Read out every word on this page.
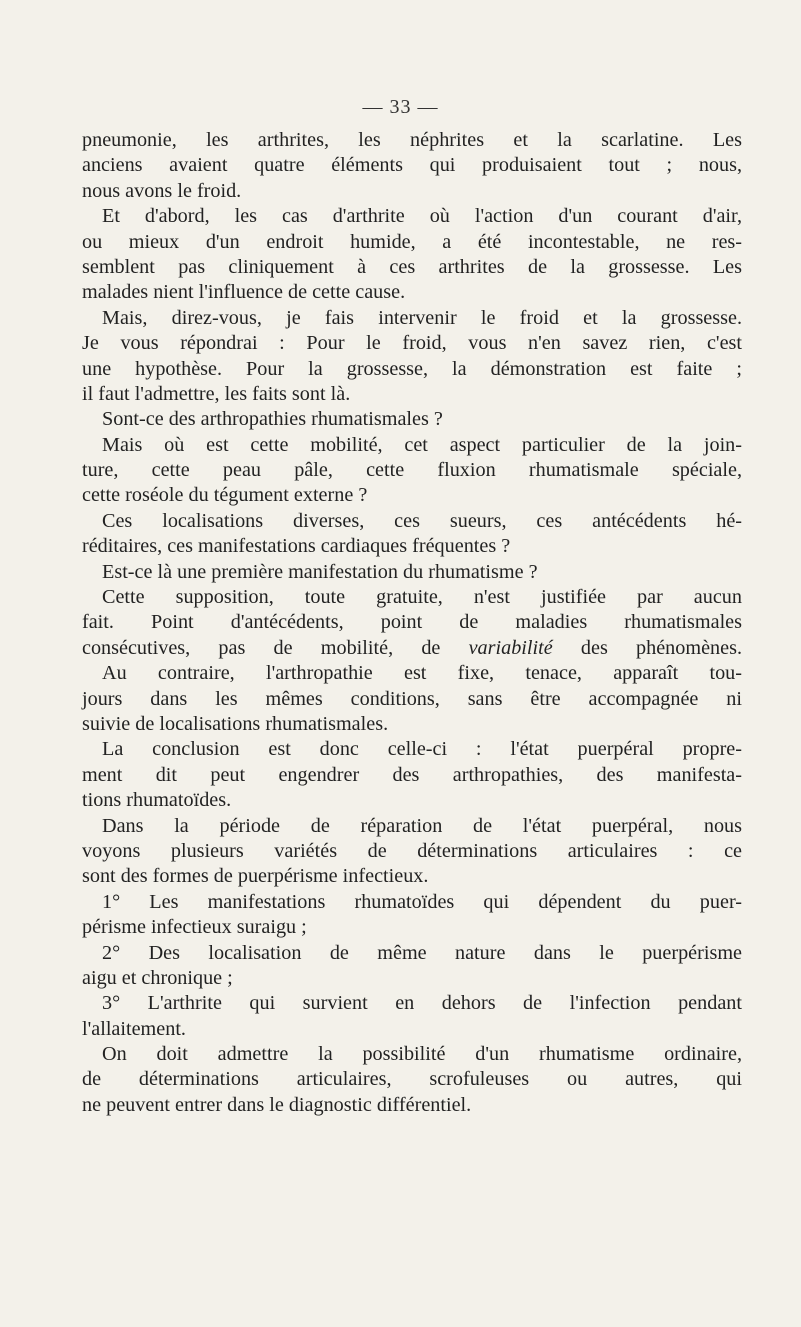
— 33 —
pneumonie, les arthrites, les néphrites et la scarlatine. Les
anciens avaient quatre éléments qui produisaient tout ; nous,
nous avons le froid.
Et d'abord, les cas d'arthrite où l'action d'un courant d'air,
ou mieux d'un endroit humide, a été incontestable, ne res-
semblent pas cliniquement à ces arthrites de la grossesse. Les
malades nient l'influence de cette cause.
Mais, direz-vous, je fais intervenir le froid et la grossesse.
Je vous répondrai : Pour le froid, vous n'en savez rien, c'est
une hypothèse. Pour la grossesse, la démonstration est faite ;
il faut l'admettre, les faits sont là.
Sont-ce des arthropathies rhumatismales ?
Mais où est cette mobilité, cet aspect particulier de la join-
ture, cette peau pâle, cette fluxion rhumatismale spéciale,
cette roséole du tégument externe ?
Ces localisations diverses, ces sueurs, ces antécédents hé-
réditaires, ces manifestations cardiaques fréquentes ?
Est-ce là une première manifestation du rhumatisme ?
Cette supposition, toute gratuite, n'est justifiée par aucun
fait. Point d'antécédents, point de maladies rhumatismales
consécutives, pas de mobilité, de variabilité des phénomènes.
Au contraire, l'arthropathie est fixe, tenace, apparaît tou-
jours dans les mêmes conditions, sans être accompagnée ni
suivie de localisations rhumatismales.
La conclusion est donc celle-ci : l'état puerpéral propre-
ment dit peut engendrer des arthropathies, des manifesta-
tions rhumatoïdes.
Dans la période de réparation de l'état puerpéral, nous
voyons plusieurs variétés de déterminations articulaires : ce
sont des formes de puerpérisme infectieux.
1° Les manifestations rhumatoïdes qui dépendent du puer-
périsme infectieux suraigu ;
2° Des localisation de même nature dans le puerpérisme
aigu et chronique ;
3° L'arthrite qui survient en dehors de l'infection pendant
l'allaitement.
On doit admettre la possibilité d'un rhumatisme ordinaire,
de déterminations articulaires, scrofuleuses ou autres, qui
ne peuvent entrer dans le diagnostic différentiel.
